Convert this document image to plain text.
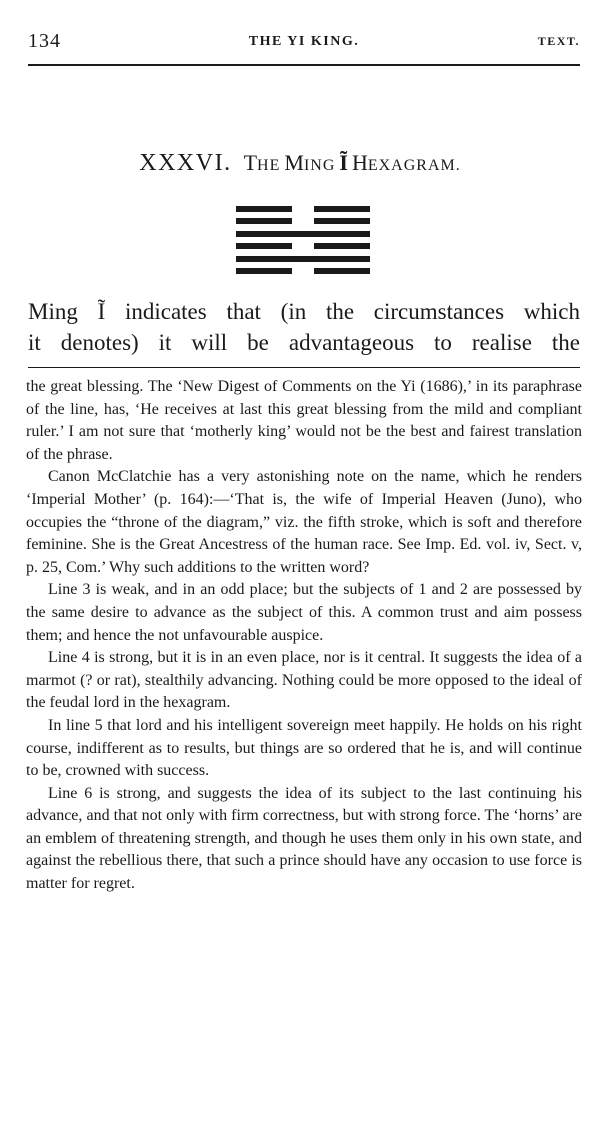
134	THE YI KING.	TEXT.
XXXVI. THE MING Ĩ HEXAGRAM.
Ming Ĩ indicates that (in the circumstances which
it denotes) it will be advantageous to realise the

the great blessing. The ‘New Digest of Comments on the Yi (1686),’ in its paraphrase of the line, has, ‘He receives at last this great blessing from the mild and compliant ruler.’ I am not sure that ‘motherly king’ would not be the best and fairest translation of the phrase.

Canon McClatchie has a very astonishing note on the name, which he renders ‘Imperial Mother’ (p. 164):—‘That is, the wife of Imperial Heaven (Juno), who occupies the “throne of the diagram,” viz. the fifth stroke, which is soft and therefore feminine. She is the Great Ancestress of the human race. See Imp. Ed. vol. iv, Sect. v, p. 25, Com.’ Why such additions to the written word?

Line 3 is weak, and in an odd place; but the subjects of 1 and 2 are possessed by the same desire to advance as the subject of this. A common trust and aim possess them; and hence the not unfavourable auspice.

Line 4 is strong, but it is in an even place, nor is it central. It suggests the idea of a marmot (? or rat), stealthily advancing. Nothing could be more opposed to the ideal of the feudal lord in the hexagram.

In line 5 that lord and his intelligent sovereign meet happily. He holds on his right course, indifferent as to results, but things are so ordered that he is, and will continue to be, crowned with success.

Line 6 is strong, and suggests the idea of its subject to the last continuing his advance, and that not only with firm correctness, but with strong force. The ‘horns’ are an emblem of threatening strength, and though he uses them only in his own state, and against the rebellious there, that such a prince should have any occasion to use force is matter for regret.
